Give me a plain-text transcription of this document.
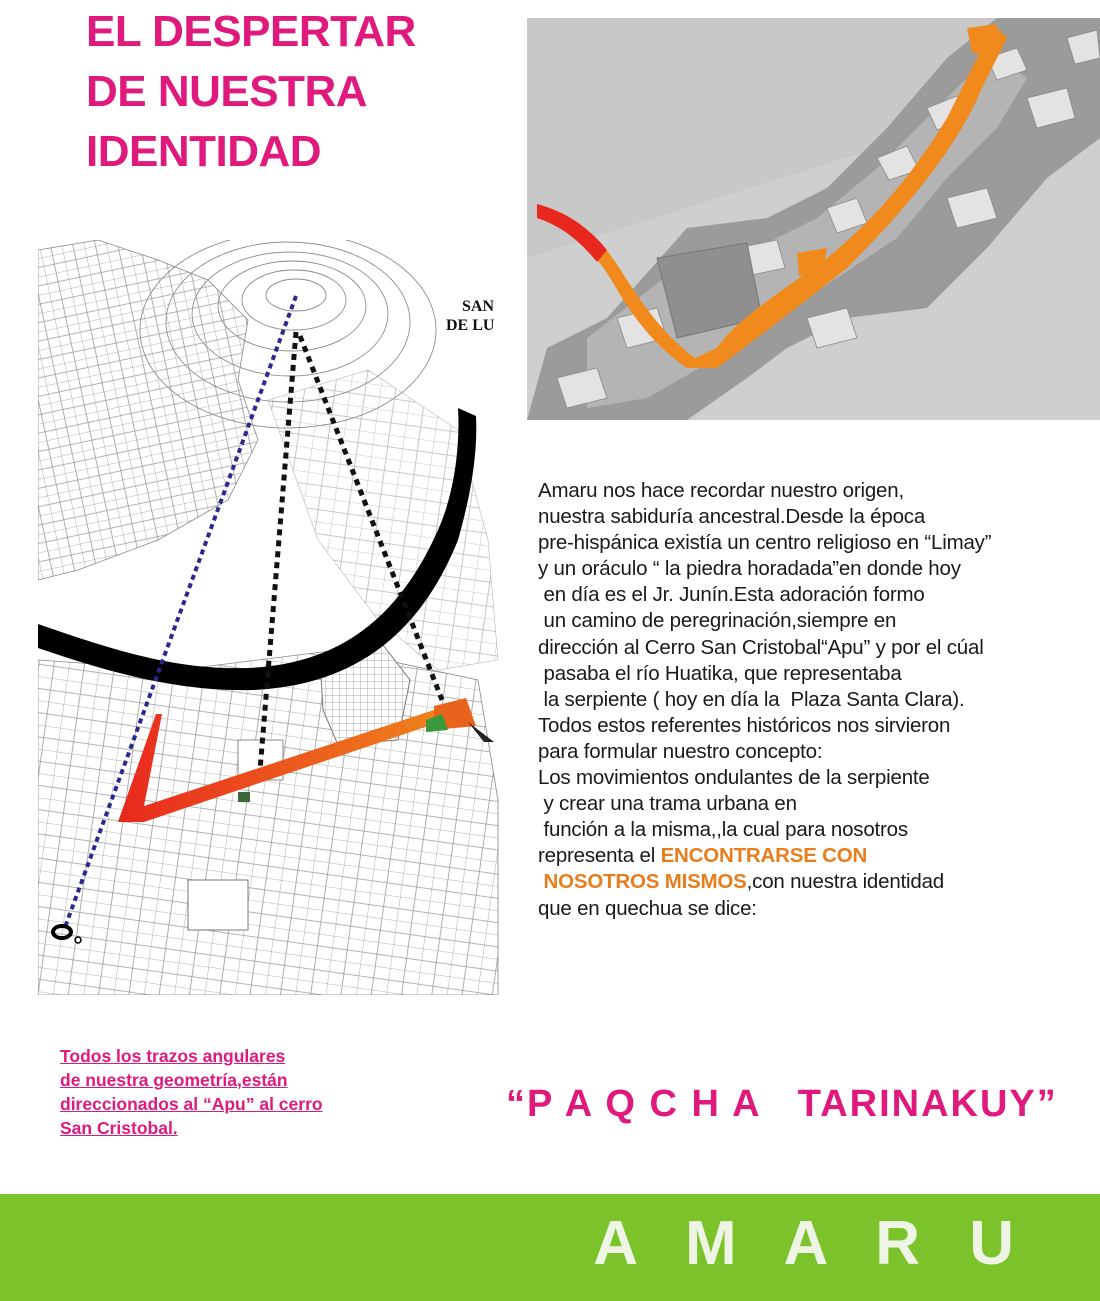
EL DESPERTAR
DE NUESTRA
IDENTIDAD
SAN
DE LU

Amaru nos hace recordar nuestro origen,
nuestra sabiduría ancestral.Desde la época
pre-hispánica existía un centro religioso en “Limay”
y un oráculo “ la piedra horadada”en donde hoy
en día es el Jr. Junín.Esta adoración formo
un camino de peregrinación,siempre en
dirección al Cerro San Cristobal“Apu” y por el cúal
pasaba el río Huatika, que representaba
la serpiente ( hoy en día la  Plaza Santa Clara).
Todos estos referentes históricos nos sirvieron
para formular nuestro concepto:
Los movimientos ondulantes de la serpiente
y crear una trama urbana en
función a la misma,,la cual para nosotros
representa el ENCONTRARSE CON
NOSOTROS MISMOS,con nuestra identidad
que en quechua se dice:

Todos los trazos angulares
de nuestra geometría,están
direccionados al “Apu” al cerro
San Cristobal.

“P A Q C H A   TARINAKUY”

A M A R U
